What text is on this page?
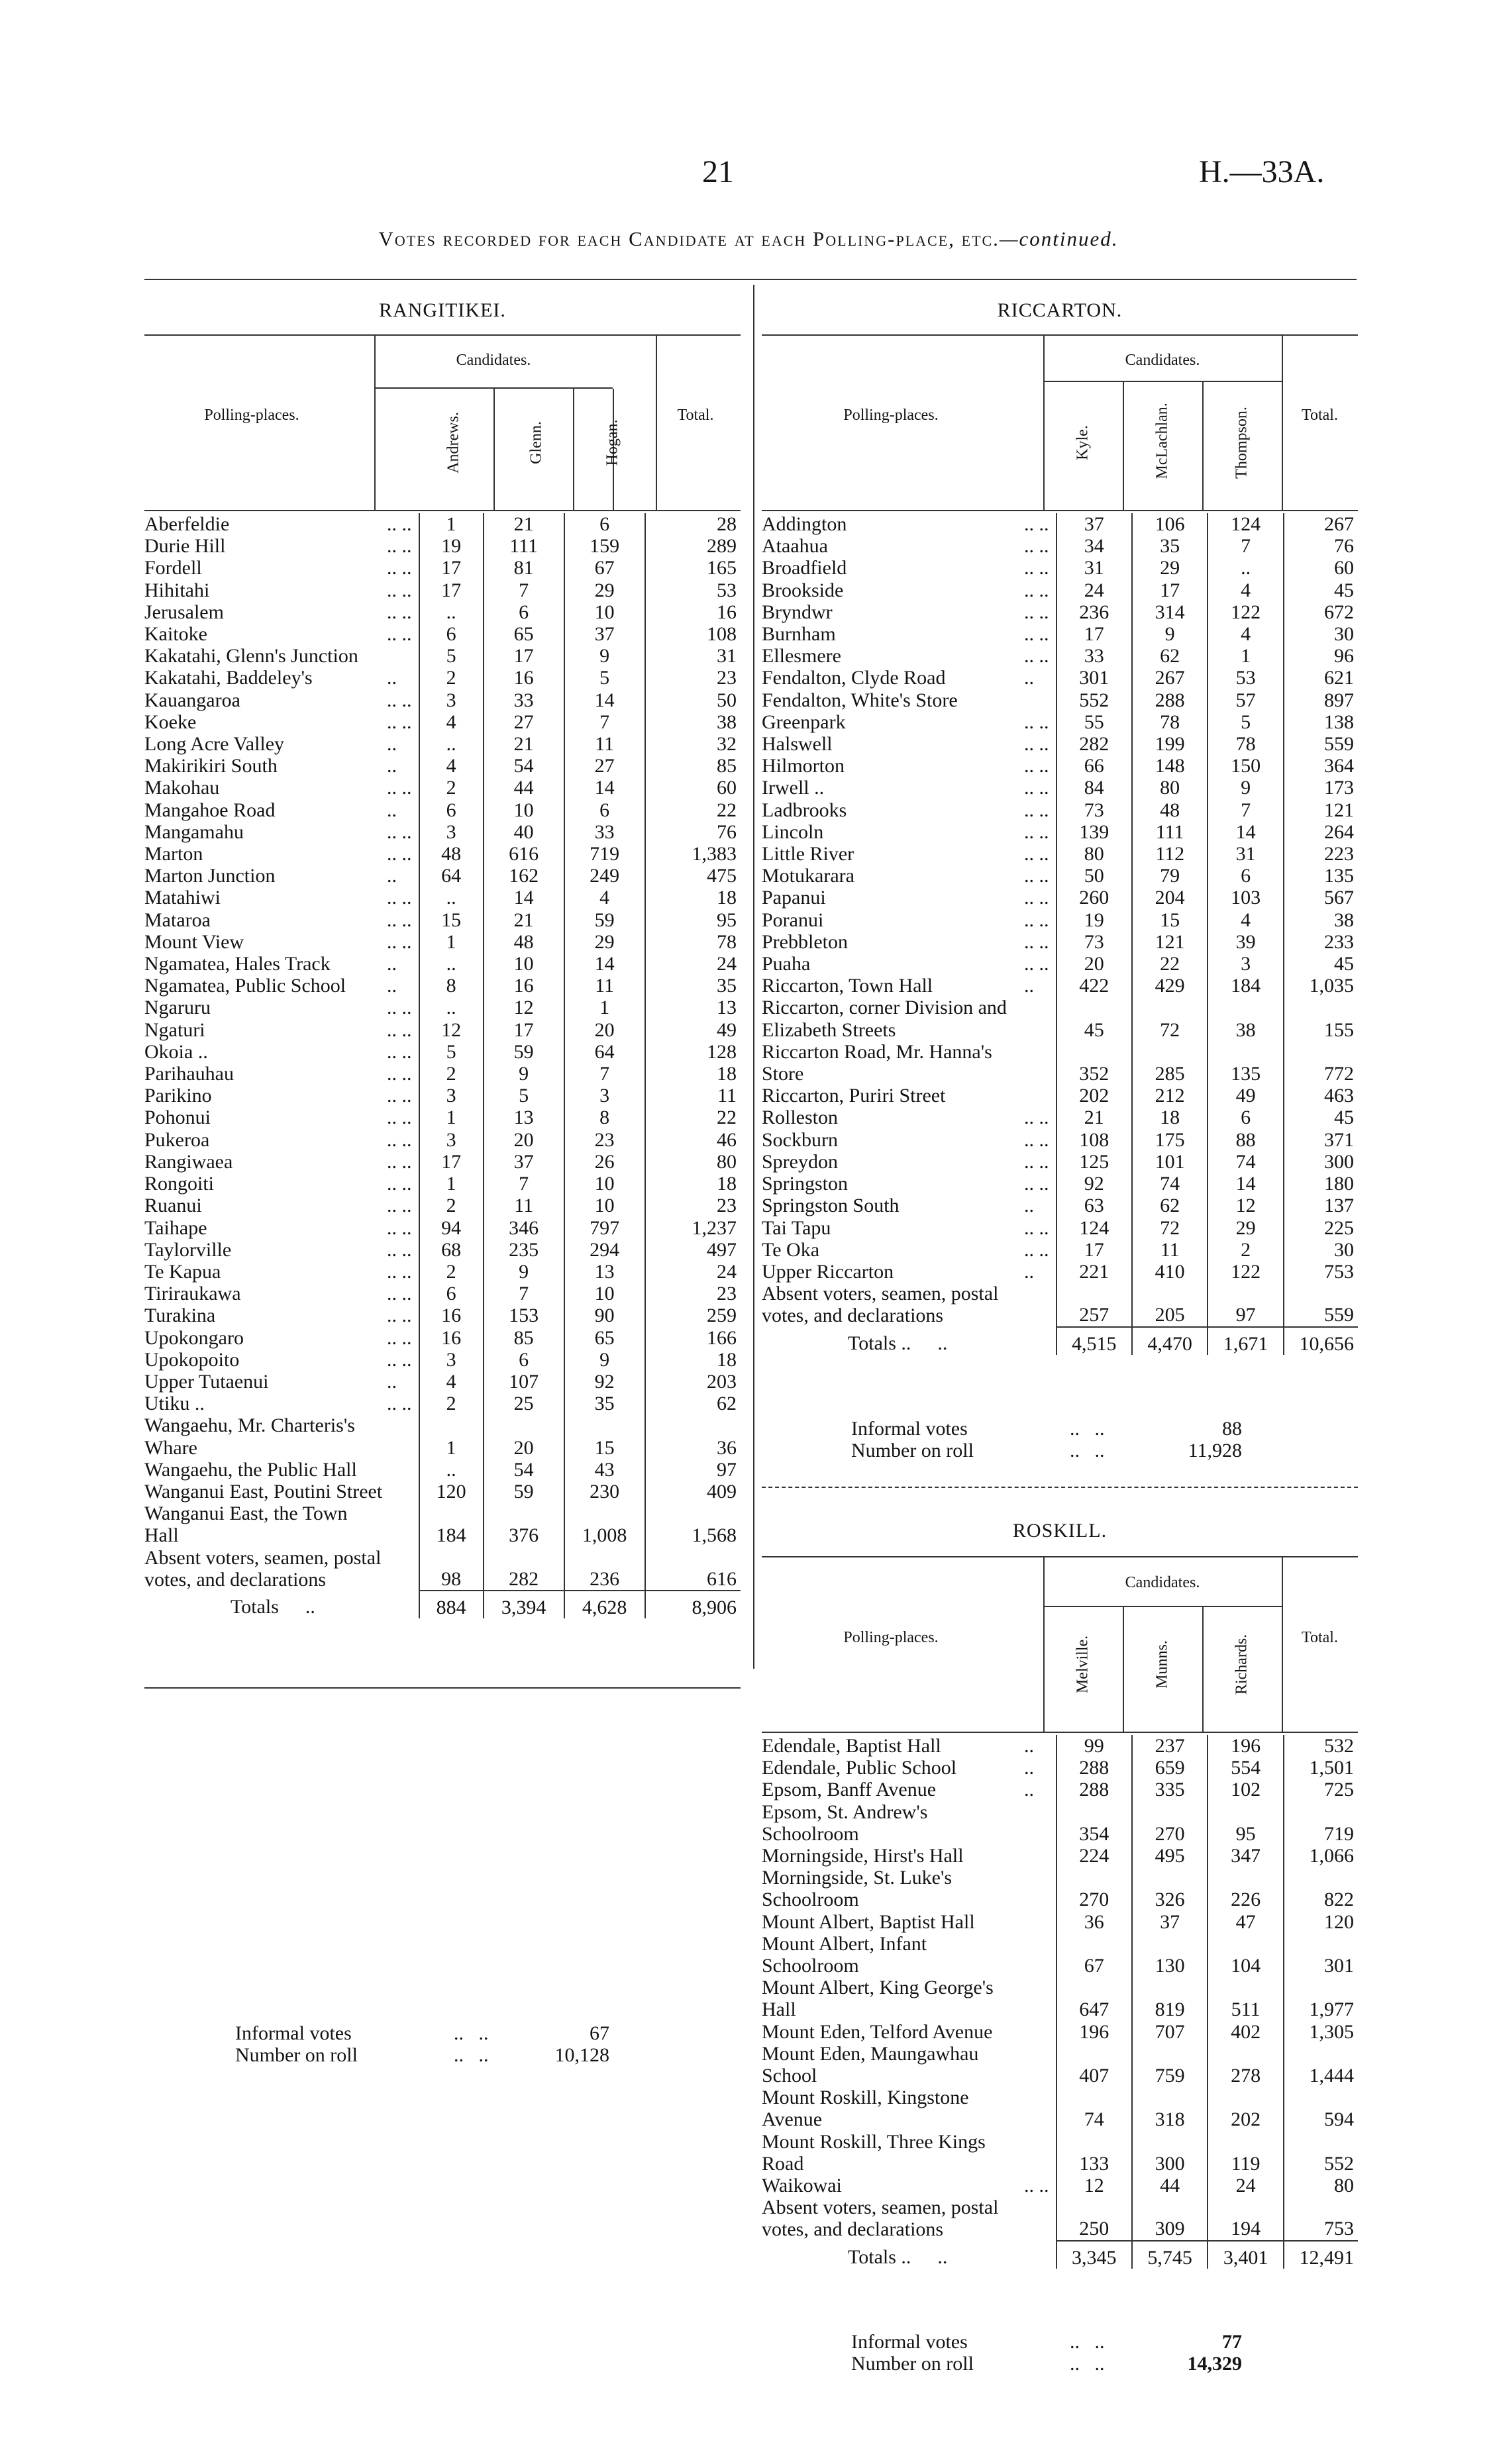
21	H.—33A.
Votes recorded for each Candidate at each Polling-place, etc.—continued.
RANGITIKEI.
Polling-places.
Candidates.
Total.
Andrews.	Glenn.	Hogan.
Aberfeldie .. ..	1	21	6	28
Durie Hill .. ..	19	111	159	289
Fordell .. ..	17	81	67	165
Hihitahi .. ..	17	7	29	53
Jerusalem .. ..	..	6	10	16
Kaitoke .. ..	6	65	37	108
Kakatahi, Glenn's Junction	5	17	9	31
Kakatahi, Baddeley's ..	2	16	5	23
Kauangaroa .. ..	3	33	14	50
Koeke .. ..	4	27	7	38
Long Acre Valley ..	..	21	11	32
Makirikiri South ..	4	54	27	85
Makohau .. ..	2	44	14	60
Mangahoe Road ..	6	10	6	22
Mangamahu .. ..	3	40	33	76
Marton .. ..	48	616	719	1,383
Marton Junction ..	64	162	249	475
Matahiwi .. ..	..	14	4	18
Mataroa .. ..	15	21	59	95
Mount View .. ..	1	48	29	78
Ngamatea, Hales Track ..	..	10	14	24
Ngamatea, Public School ..	8	16	11	35
Ngaruru .. ..	..	12	1	13
Ngaturi .. ..	12	17	20	49
Okoia .. .. ..	5	59	64	128
Parihauhau .. ..	2	9	7	18
Parikino .. ..	3	5	3	11
Pohonui .. ..	1	13	8	22
Pukeroa .. ..	3	20	23	46
Rangiwaea .. ..	17	37	26	80
Rongoiti .. ..	1	7	10	18
Ruanui .. ..	2	11	10	23
Taihape .. ..	94	346	797	1,237
Taylorville .. ..	68	235	294	497
Te Kapua .. ..	2	9	13	24
Tiriraukawa .. ..	6	7	10	23
Turakina .. ..	16	153	90	259
Upokongaro .. ..	16	85	65	166
Upokopoito .. ..	3	6	9	18
Upper Tutaenui ..	4	107	92	203
Utiku .. .. ..	2	25	35	62
Wangaehu, Mr. Charteris's Whare	1	20	15	36
Wangaehu, the Public Hall	..	54	43	97
Wanganui East, Poutini Street	120	59	230	409
Wanganui East, the Town Hall	184	376	1,008	1,568
Absent voters, seamen, postal votes, and declarations	98	282	236	616
Totals ..	884	3,394	4,628	8,906
Informal votes	..   ..	67
Number on roll	..   ..	10,128
RICCARTON.
Polling-places.
Candidates.
Total.
Kyle.	McLachlan.	Thompson.
Addington .. ..	37	106	124	267
Ataahua .. ..	34	35	7	76
Broadfield .. ..	31	29	..	60
Brookside .. ..	24	17	4	45
Bryndwr .. ..	236	314	122	672
Burnham .. ..	17	9	4	30
Ellesmere .. ..	33	62	1	96
Fendalton, Clyde Road ..	301	267	53	621
Fendalton, White's Store	552	288	57	897
Greenpark .. ..	55	78	5	138
Halswell .. ..	282	199	78	559
Hilmorton .. ..	66	148	150	364
Irwell .. .. ..	84	80	9	173
Ladbrooks .. ..	73	48	7	121
Lincoln .. ..	139	111	14	264
Little River .. ..	80	112	31	223
Motukarara .. ..	50	79	6	135
Papanui .. ..	260	204	103	567
Poranui .. ..	19	15	4	38
Prebbleton .. ..	73	121	39	233
Puaha .. ..	20	22	3	45
Riccarton, Town Hall ..	422	429	184	1,035
Riccarton, corner Division and Elizabeth Streets	45	72	38	155
Riccarton Road, Mr. Hanna's Store	352	285	135	772
Riccarton, Puriri Street	202	212	49	463
Rolleston .. ..	21	18	6	45
Sockburn .. ..	108	175	88	371
Spreydon .. ..	125	101	74	300
Springston .. ..	92	74	14	180
Springston South ..	63	62	12	137
Tai Tapu .. ..	124	72	29	225
Te Oka .. ..	17	11	2	30
Upper Riccarton ..	221	410	122	753
Absent voters, seamen, postal votes, and declarations	257	205	97	559
Totals .. ..	4,515	4,470	1,671	10,656
Informal votes	..   ..	88
Number on roll	..   ..	11,928
ROSKILL.
Polling-places.
Candidates.
Total.
Melville.	Munns.	Richards.
Edendale, Baptist Hall ..	99	237	196	532
Edendale, Public School ..	288	659	554	1,501
Epsom, Banff Avenue ..	288	335	102	725
Epsom, St. Andrew's Schoolroom	354	270	95	719
Morningside, Hirst's Hall	224	495	347	1,066
Morningside, St. Luke's Schoolroom	270	326	226	822
Mount Albert, Baptist Hall	36	37	47	120
Mount Albert, Infant Schoolroom	67	130	104	301
Mount Albert, King George's Hall	647	819	511	1,977
Mount Eden, Telford Avenue	196	707	402	1,305
Mount Eden, Maungawhau School	407	759	278	1,444
Mount Roskill, Kingstone Avenue	74	318	202	594
Mount Roskill, Three Kings Road	133	300	119	552
Waikowai .. ..	12	44	24	80
Absent voters, seamen, postal votes, and declarations	250	309	194	753
Totals .. ..	3,345	5,745	3,401	12,491
Informal votes	..   ..	77
Number on roll	..   ..	14,329
